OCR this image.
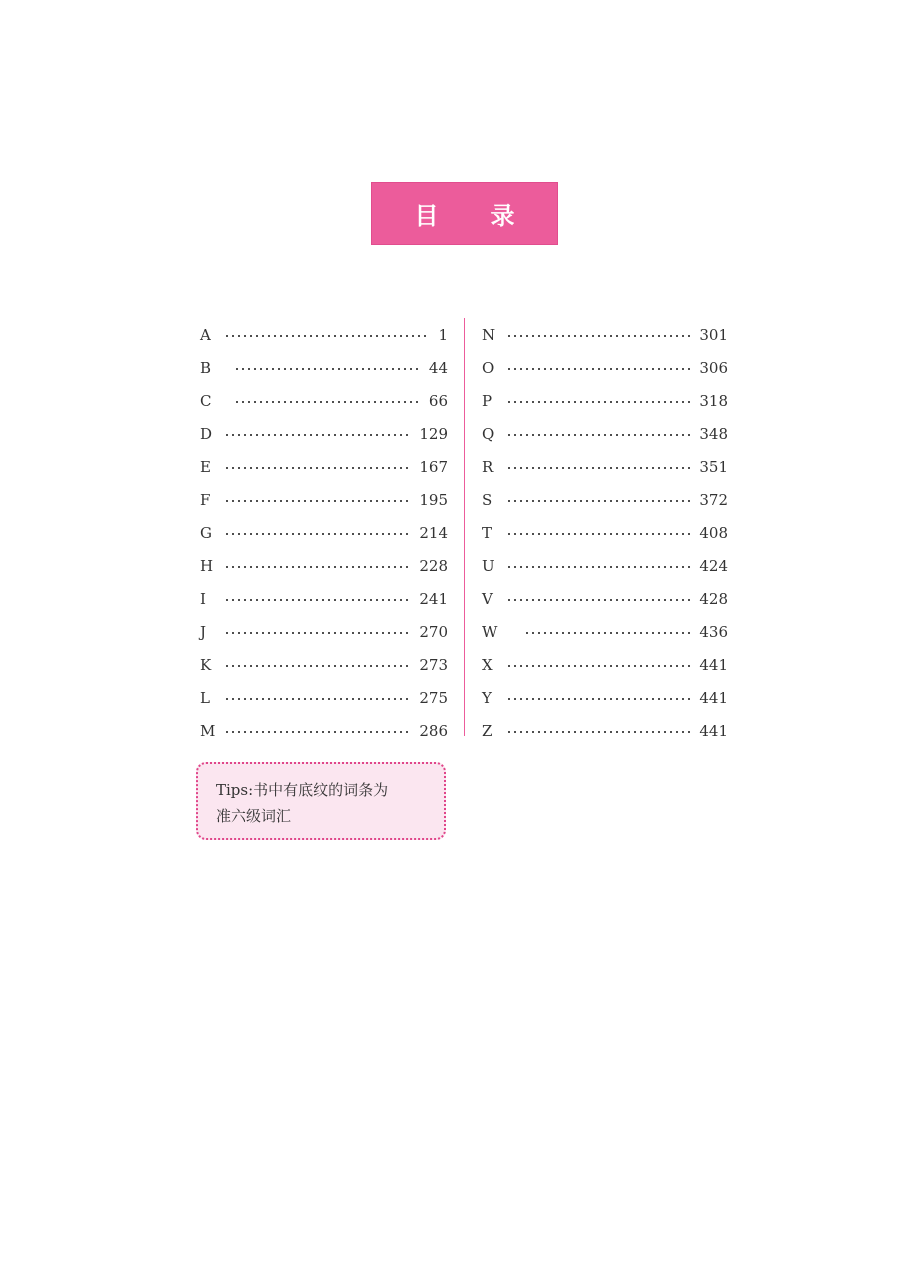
目 录
A	1
B	44
C	66
D	129
E	167
F	195
G	214
H	228
I	241
J	270
K	273
L	275
M	286
N	301
O	306
P	318
Q	348
R	351
S	372
T	408
U	424
V	428
W	436
X	441
Y	441
Z	441
Tips:书中有底纹的词条为
准六级词汇
